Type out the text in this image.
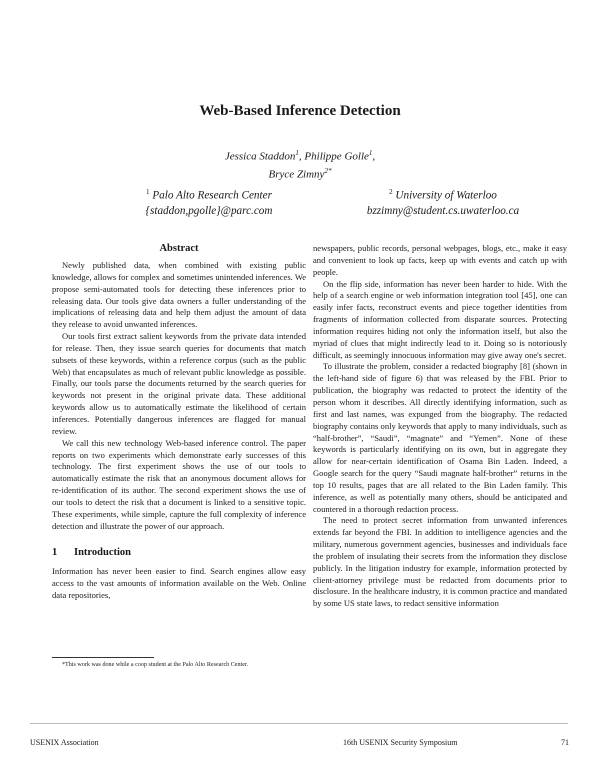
Web-Based Inference Detection
Jessica Staddon$^1$, Philippe Golle$^1$,
Bryce Zimny$^{2*}$
$^1$ Palo Alto Research Center
{staddon,pgolle}@parc.com
$^2$ University of Waterloo
bzzimny@student.cs.uwaterloo.ca
Abstract

Newly published data, when combined with existing public knowledge, allows for complex and sometimes unintended inferences. We propose semi-automated tools for detecting these inferences prior to releasing data. Our tools give data owners a fuller understanding of the implications of releasing data and help them adjust the amount of data they release to avoid unwanted inferences.

Our tools first extract salient keywords from the private data intended for release. Then, they issue search queries for documents that match subsets of these keywords, within a reference corpus (such as the public Web) that encapsulates as much of relevant public knowledge as possible. Finally, our tools parse the documents returned by the search queries for keywords not present in the original private data. These additional keywords allow us to automatically estimate the likelihood of certain inferences. Potentially dangerous inferences are flagged for manual review.

We call this new technology Web-based inference control. The paper reports on two experiments which demonstrate early successes of this technology. The first experiment shows the use of our tools to automatically estimate the risk that an anonymous document allows for re-identification of its author. The second experiment shows the use of our tools to detect the risk that a document is linked to a sensitive topic. These experiments, while simple, capture the full complexity of inference detection and illustrate the power of our approach.

1 Introduction

Information has never been easier to find. Search engines allow easy access to the vast amounts of information available on the Web. Online data repositories,

*This work was done while a coop student at the Palo Alto Research Center.

newspapers, public records, personal webpages, blogs, etc., make it easy and convenient to look up facts, keep up with events and catch up with people.

On the flip side, information has never been harder to hide. With the help of a search engine or web information integration tool [45], one can easily infer facts, reconstruct events and piece together identities from fragments of information collected from disparate sources. Protecting information requires hiding not only the information itself, but also the myriad of clues that might indirectly lead to it. Doing so is notoriously difficult, as seemingly innocuous information may give away one's secret.

To illustrate the problem, consider a redacted biography [8] (shown in the left-hand side of figure 6) that was released by the FBI. Prior to publication, the biography was redacted to protect the identity of the person whom it describes. All directly identifying information, such as first and last names, was expunged from the biography. The redacted biography contains only keywords that apply to many individuals, such as “half-brother”, “Saudi”, “magnate” and “Yemen”. None of these keywords is particularly identifying on its own, but in aggregate they allow for near-certain identification of Osama Bin Laden. Indeed, a Google search for the query “Saudi magnate half-brother” returns in the top 10 results, pages that are all related to the Bin Laden family. This inference, as well as potentially many others, should be anticipated and countered in a thorough redaction process.

The need to protect secret information from unwanted inferences extends far beyond the FBI. In addition to intelligence agencies and the military, numerous government agencies, businesses and individuals face the problem of insulating their secrets from the information they disclose publicly. In the litigation industry for example, information protected by client-attorney privilege must be redacted from documents prior to disclosure. In the healthcare industry, it is common practice and mandated by some US state laws, to redact sensitive information

USENIX Association	16th USENIX Security Symposium	71
